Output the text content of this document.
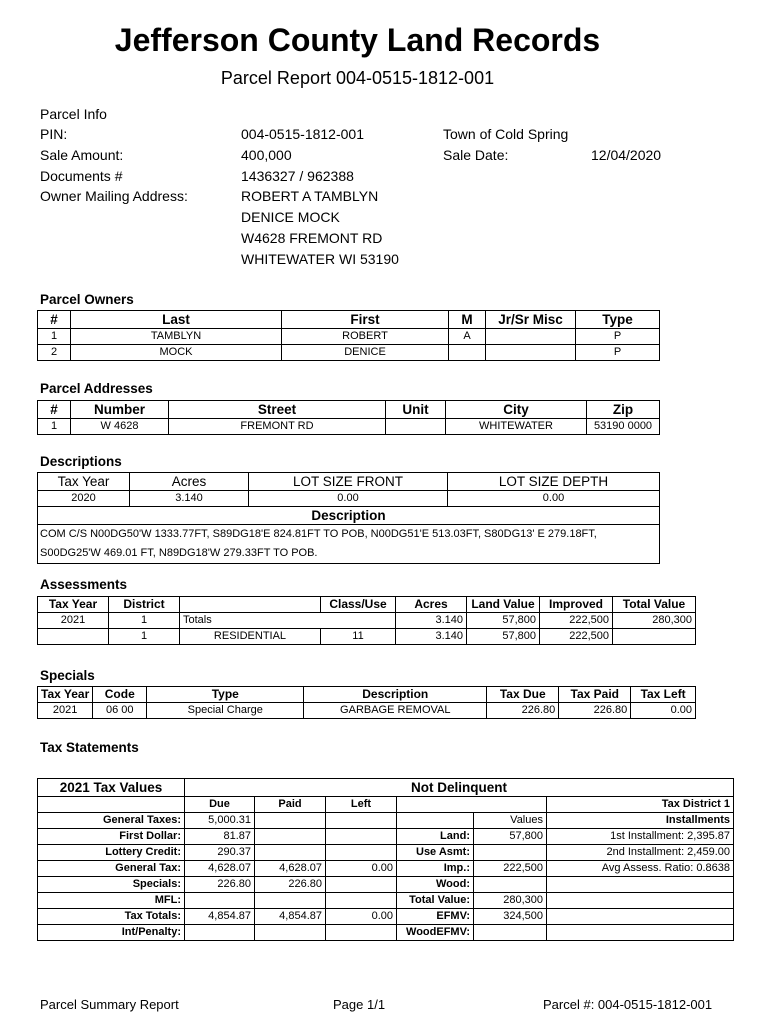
Jefferson County Land Records
Parcel Report 004-0515-1812-001
Parcel Info
PIN:	004-0515-1812-001	Town of Cold Spring
Sale Amount:	400,000	Sale Date:	12/04/2020
Documents #	1436327 / 962388
Owner Mailing Address:	ROBERT A TAMBLYN
DENICE MOCK
W4628 FREMONT RD
WHITEWATER WI 53190
Parcel Owners
#	Last	First	M	Jr/Sr Misc	Type
1	TAMBLYN	ROBERT	A		P
2	MOCK	DENICE			P
Parcel Addresses
#	Number	Street	Unit	City	Zip
1	W 4628	FREMONT RD		WHITEWATER	53190 0000
Descriptions
Tax Year	Acres	LOT SIZE FRONT	LOT SIZE DEPTH
2020	3.140	0.00	0.00
Description			

COM C/S N00DG50'W 1333.77FT, S89DG18'E 824.81FT TO POB, N00DG51'E 513.03FT, S80DG13' E 279.18FT,
S00DG25'W 469.01 FT, N89DG18'W 279.33FT TO POB.			
Assessments
Tax Year	District		Class/Use	Acres	Land Value	Improved	Total Value
2021	1	Totals		3.140	57,800	222,500	280,300
	1	RESIDENTIAL	11	3.140	57,800	222,500	
Specials
Tax Year	Code	Type	Description	Tax Due	Tax Paid	Tax Left
2021	06 00	Special Charge	GARBAGE REMOVAL	226.80	226.80	0.00
Tax Statements
2021 Tax Values	Not Delinquent					
	Due	Paid	Left			Tax District 1
General Taxes:	5,000.31				Values	Installments
First Dollar:	81.87			Land:	57,800	1st Installment: 2,395.87
Lottery Credit:	290.37			Use Asmt:		2nd Installment: 2,459.00
General Tax:	4,628.07	4,628.07	0.00	Imp.:	222,500	Avg Assess. Ratio: 0.8638
Specials:	226.80	226.80		Wood:		
MFL:				Total Value:	280,300	
Tax Totals:	4,854.87	4,854.87	0.00	EFMV:	324,500	
Int/Penalty:				WoodEFMV:		
Parcel Summary Report	Page 1/1	Parcel #: 004-0515-1812-001
